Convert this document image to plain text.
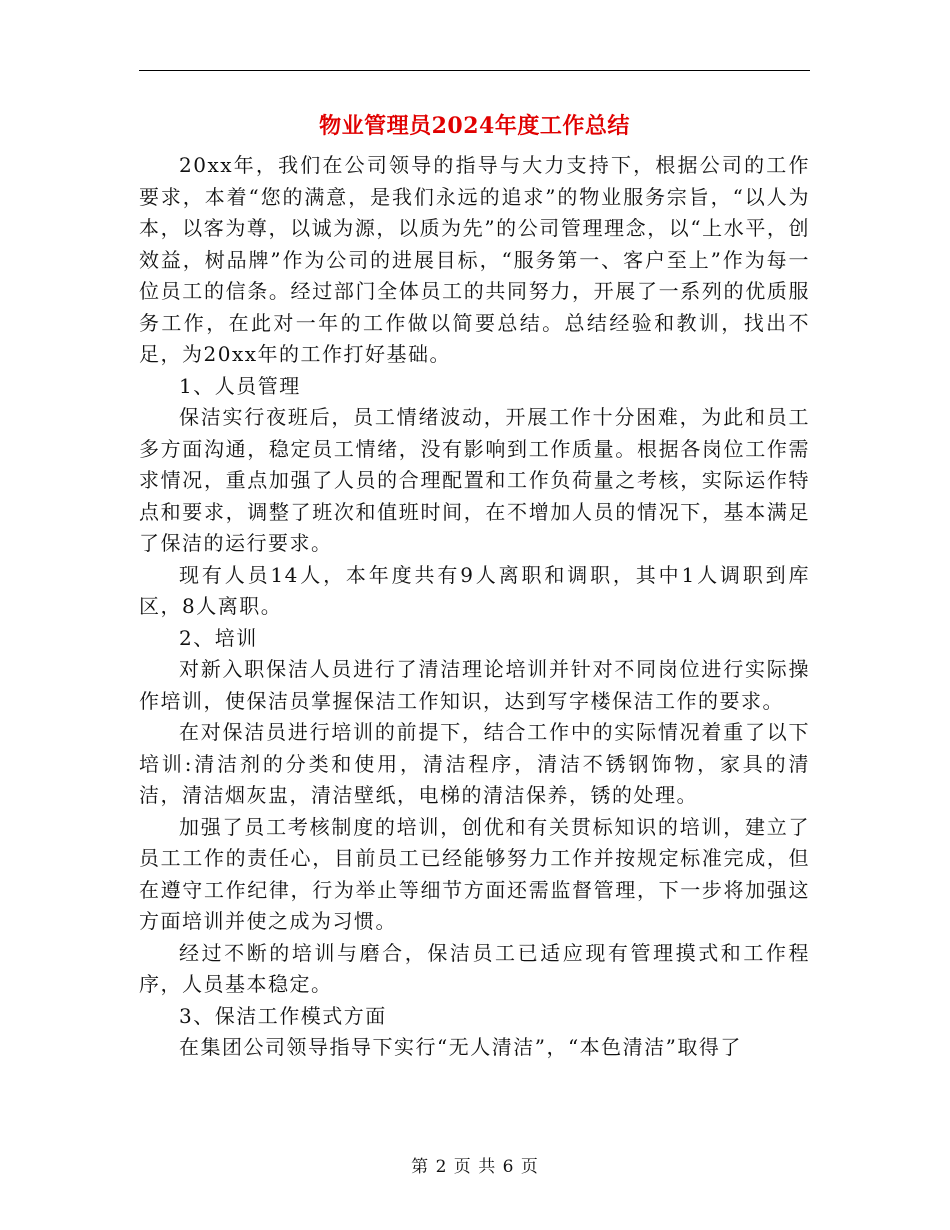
物业管理员2024年度工作总结

20xx年，我们在公司领导的指导与大力支持下，根据公司的工作要求，本着“您的满意，是我们永远的追求”的物业服务宗旨，“以人为本，以客为尊，以诚为源，以质为先”的公司管理理念，以“上水平，创效益，树品牌”作为公司的进展目标，“服务第一、客户至上”作为每一位员工的信条。经过部门全体员工的共同努力，开展了一系列的优质服务工作，在此对一年的工作做以简要总结。总结经验和教训，找出不足，为20xx年的工作打好基础。

1、人员管理

保洁实行夜班后，员工情绪波动，开展工作十分困难，为此和员工多方面沟通，稳定员工情绪，没有影响到工作质量。根据各岗位工作需求情况，重点加强了人员的合理配置和工作负荷量之考核，实际运作特点和要求，调整了班次和值班时间，在不增加人员的情况下，基本满足了保洁的运行要求。

现有人员14人，本年度共有9人离职和调职，其中1人调职到库区，8人离职。

2、培训

对新入职保洁人员进行了清洁理论培训并针对不同岗位进行实际操作培训，使保洁员掌握保洁工作知识，达到写字楼保洁工作的要求。

在对保洁员进行培训的前提下，结合工作中的实际情况着重了以下培训:清洁剂的分类和使用，清洁程序，清洁不锈钢饰物，家具的清洁，清洁烟灰盅，清洁壁纸，电梯的清洁保养，锈的处理。

加强了员工考核制度的培训，创优和有关贯标知识的培训，建立了员工工作的责任心，目前员工已经能够努力工作并按规定标准完成，但在遵守工作纪律，行为举止等细节方面还需监督管理，下一步将加强这方面培训并使之成为习惯。

经过不断的培训与磨合，保洁员工已适应现有管理摸式和工作程序，人员基本稳定。

3、保洁工作模式方面

在集团公司领导指导下实行“无人清洁”，“本色清洁”取得了

第 2 页 共 6 页
